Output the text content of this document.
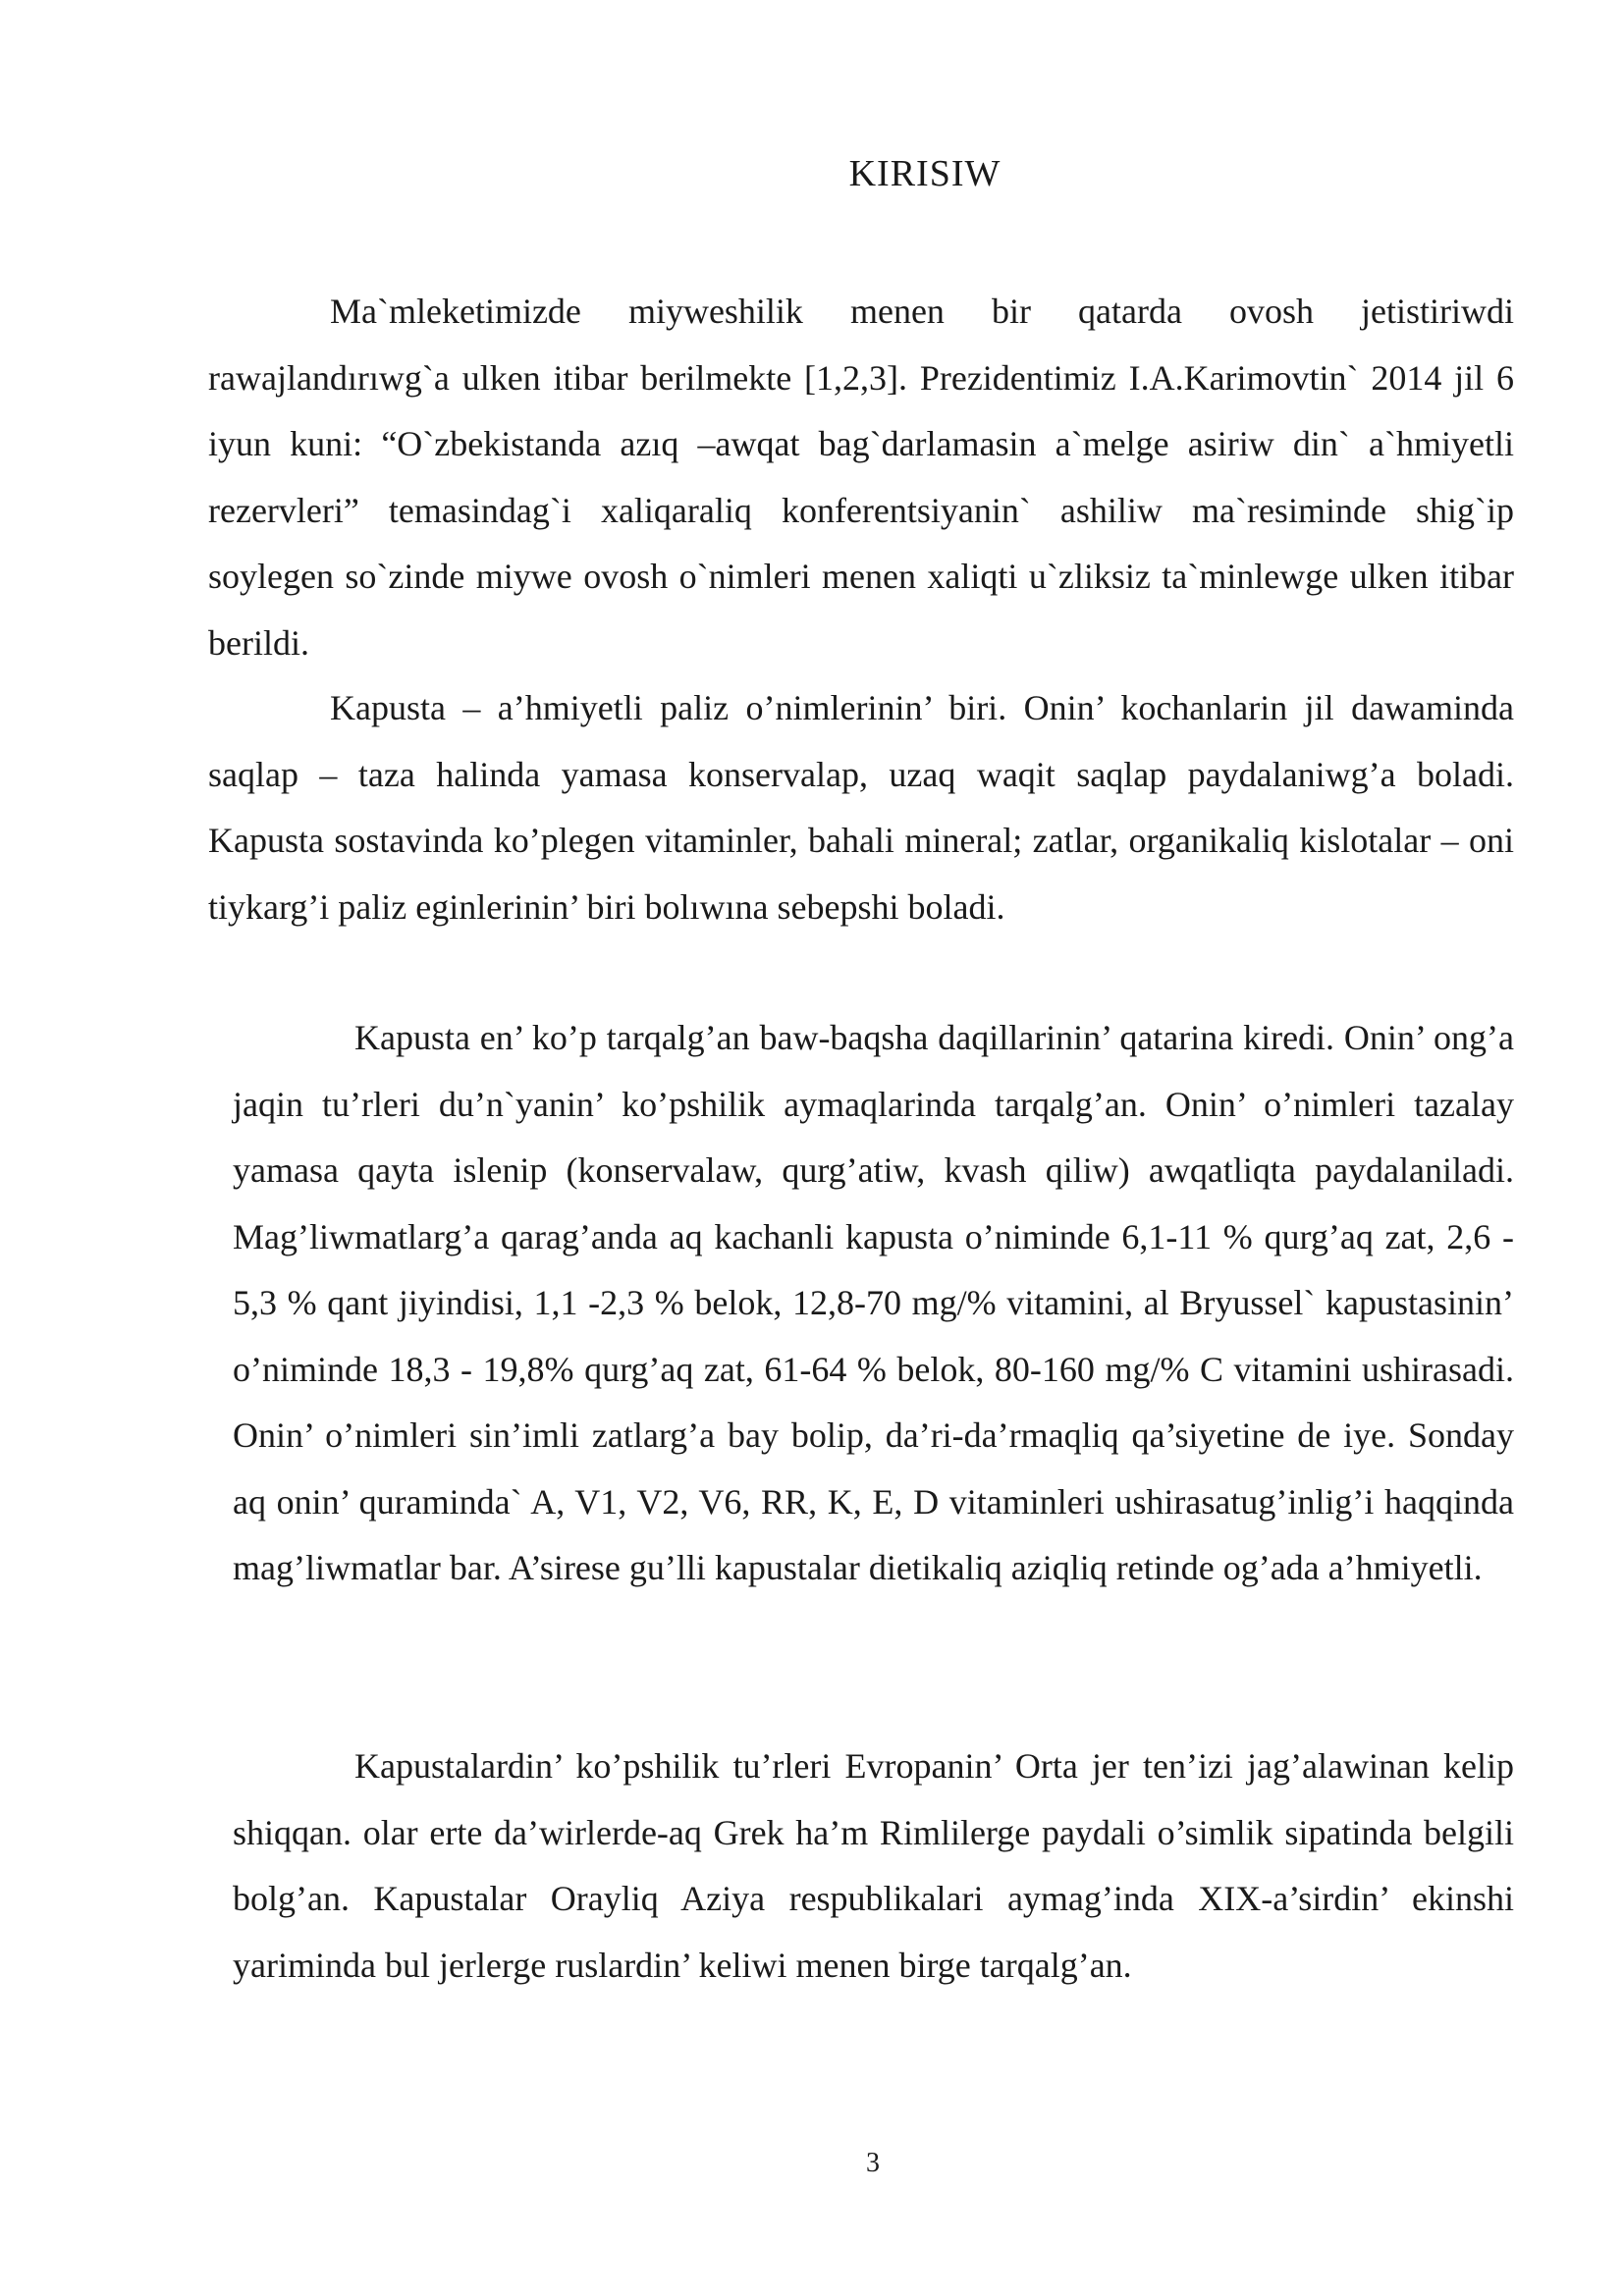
KIRISIW

Ma`mleketimizde miyweshilik menen bir qatarda ovosh jetistiriwdi rawajlandırıwg`a ulken itibar berilmekte [1,2,3]. Prezidentimiz I.A.Karimovtin` 2014 jil 6 iyun kuni: “O`zbekistanda azıq –awqat bag`darlamasin a`melge asiriw din` a`hmiyetli rezervleri” temasindag`i xaliqaraliq konferentsiyanin` ashiliw ma`resiminde shig`ip soylegen so`zinde miywe ovosh o`nimleri menen xaliqti u`zliksiz ta`minlewge ulken itibar berildi.

Kapusta – a’hmiyetli paliz o’nimlerinin’ biri. Onin’ kochanlarin jil dawaminda saqlap – taza halinda yamasa konservalap, uzaq waqit saqlap paydalaniwg’a boladi. Kapusta sostavinda ko’plegen vitaminler, bahali mineral; zatlar, organikaliq kislotalar – oni tiykarg’i paliz eginlerinin’ biri bolıwına sebepshi boladi.

Kapusta en’ ko’p tarqalg’an baw-baqsha daqillarinin’ qatarina kiredi. Onin’ ong’a jaqin tu’rleri du’n`yanin’ ko’pshilik aymaqlarinda tarqalg’an. Onin’ o’nimleri tazalay yamasa qayta islenip (konservalaw, qurg’atiw, kvash qiliw) awqatliqta paydalaniladi. Mag’liwmatlarg’a qarag’anda aq kachanli kapusta o’niminde 6,1-11 % qurg’aq zat, 2,6 - 5,3 % qant jiyindisi, 1,1 -2,3 % belok, 12,8-70 mg/% vitamini, al Bryussel` kapustasinin’ o’niminde 18,3 - 19,8% qurg’aq zat, 61-64 % belok, 80-160 mg/% C vitamini ushirasadi. Onin’ o’nimleri sin’imli zatlarg’a bay bolip, da’ri-da’rmaqliq qa’siyetine de iye. Sonday aq onin’ quraminda` A, V1, V2, V6, RR, K, E, D vitaminleri ushirasatug’inlig’i haqqinda mag’liwmatlar bar. A’sirese gu’lli kapustalar dietikaliq aziqliq retinde og’ada a’hmiyetli.

Kapustalardin’ ko’pshilik tu’rleri Evropanin’ Orta jer ten’izi jag’alawinan kelip shiqqan. olar erte da’wirlerde-aq Grek ha’m Rimlilerge paydali o’simlik sipatinda belgili bolg’an. Kapustalar Orayliq Aziya respublikalari aymag’inda XIX-a’sirdin’ ekinshi yariminda bul jerlerge ruslardin’ keliwi menen birge tarqalg’an.

3
